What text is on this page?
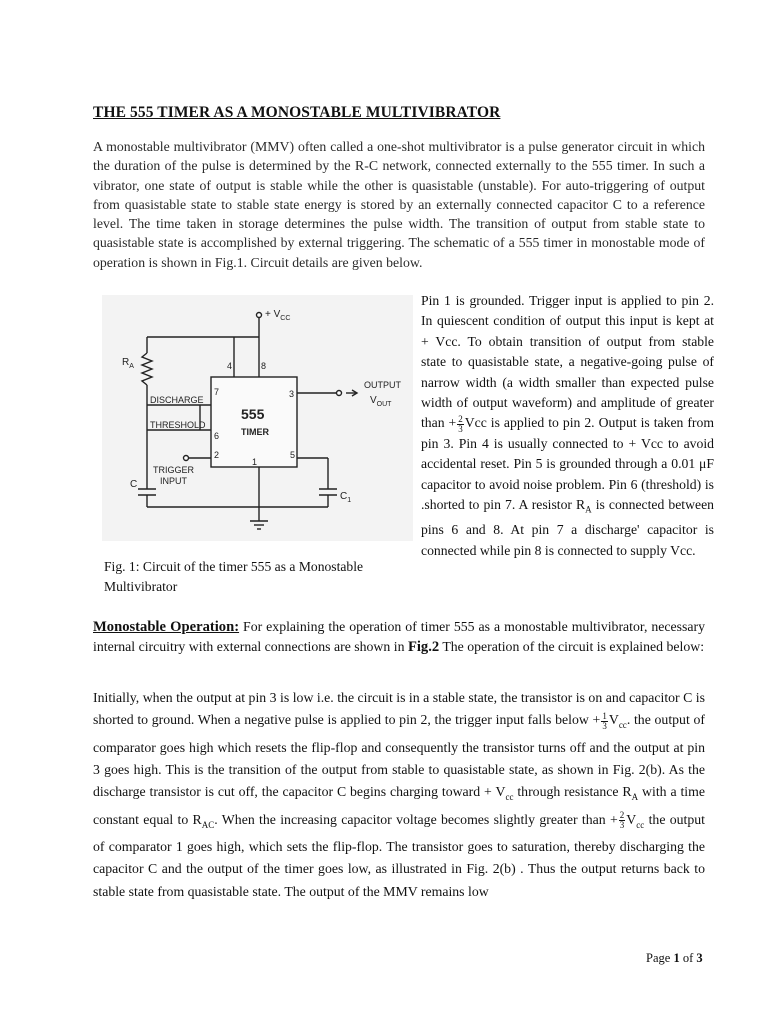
THE 555 TIMER AS A MONOSTABLE MULTIVIBRATOR
A monostable multivibrator (MMV) often called a one-shot multivibrator is a pulse generator circuit in which the duration of the pulse is determined by the R-C network, connected externally to the 555 timer. In such a vibrator, one state of output is stable while the other is quasistable (unstable). For auto-triggering of output from quasistable state to stable state energy is stored by an externally connected capacitor C to a reference level. The time taken in storage determines the pulse width. The transition of output from stable state to quasistable state is accomplished by external triggering. The schematic of a 555 timer in monostable mode of operation is shown in Fig.1. Circuit details are given below.
+ $V_{CC}$
4	8
$R_A$
7	3
6
2	5
1
555
TIMER
DISCHARGE
THRESHOLD
OUTPUT
$V_{OUT}$
TRIGGER
INPUT
C
$C_1$
Fig. 1: Circuit of the timer 555 as a Monostable Multivibrator
Pin 1 is grounded. Trigger input is applied to pin 2. In quiescent condition of output this input is kept at + Vcc. To obtain transition of output from stable state to quasistable state, a negative-going pulse of narrow width (a width smaller than expected pulse width of output waveform) and amplitude of greater than + $\frac{2}{3}$ Vcc is applied to pin 2. Output is taken from pin 3. Pin 4 is usually connected to + Vcc to avoid accidental reset. Pin 5 is grounded through a 0.01 μF capacitor to avoid noise problem. Pin 6 (threshold) is .shorted to pin 7. A resistor $R_A$ is connected between pins 6 and 8. At pin 7 a discharge' capacitor is connected while pin 8 is connected to supply Vcc.
Monostable Operation: For explaining the operation of timer 555 as a monostable multivibrator, necessary internal circuitry with external connections are shown in Fig.2 The operation of the circuit is explained below:
Initially, when the output at pin 3 is low i.e. the circuit is in a stable state, the transistor is on and capacitor C is shorted to ground. When a negative pulse is applied to pin 2, the trigger input falls below + $\frac{1}{3} V_{cc}$. the output of comparator goes high which resets the flip-flop and consequently the transistor turns off and the output at pin 3 goes high. This is the transition of the output from stable to quasistable state, as shown in Fig. 2(b). As the discharge transistor is cut off, the capacitor C begins charging toward + $V_{cc}$ through resistance $R_A$ with a time constant equal to $R_{AC}$. When the increasing capacitor voltage becomes slightly greater than + $\frac{2}{3} V_{cc}$ the output of comparator 1 goes high, which sets the flip-flop. The transistor goes to saturation, thereby discharging the capacitor C and the output of the timer goes low, as illustrated in Fig. 2(b) . Thus the output returns back to stable state from quasistable state. The output of the MMV remains low
Page 1 of 3
